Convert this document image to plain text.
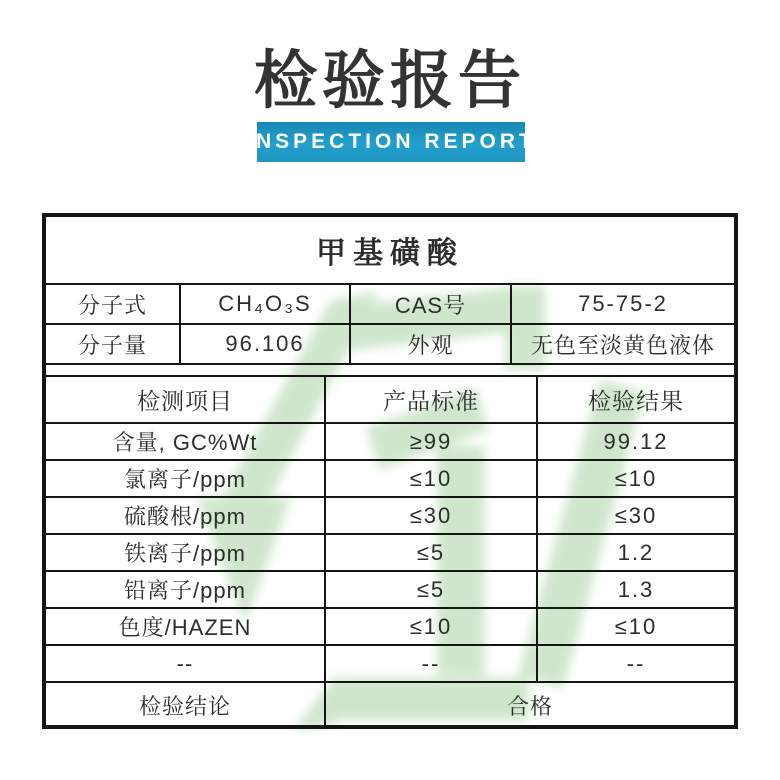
检验报告
INSPECTION REPORT
甲基磺酸
分子式	CH₄O₃S	CAS号	75-75-2
分子量	96.106	外观	无色至淡黄色液体
检测项目	产品标准	检验结果
含量, GC%Wt	≥99	99.12
氯离子/ppm	≤10	≤10
硫酸根/ppm	≤30	≤30
铁离子/ppm	≤5	1.2
铅离子/ppm	≤5	1.3
色度/HAZEN	≤10	≤10
--	--	--
检验结论	合格
